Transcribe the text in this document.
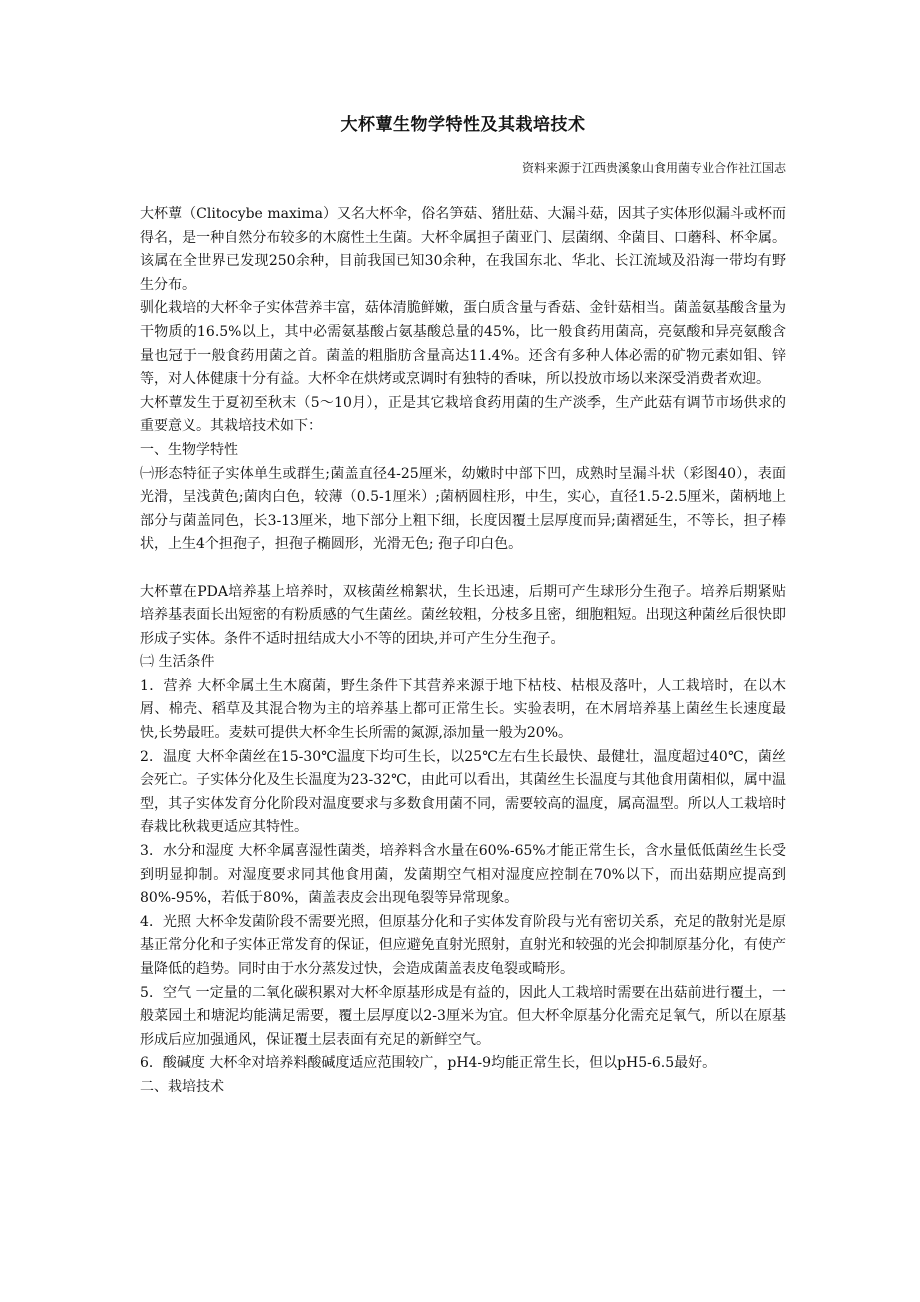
大杯蕈生物学特性及其栽培技术
资料来源于江西贵溪象山食用菌专业合作社江国志

大杯蕈（Clitocybe maxima）又名大杯伞，俗名笋菇、猪肚菇、大漏斗菇，因其子实体形似漏斗或杯而得名，是一种自然分布较多的木腐性土生菌。大杯伞属担子菌亚门、层菌纲、伞菌目、口蘑科、杯伞属。该属在全世界已发现250余种，目前我国已知30余种，在我国东北、华北、长江流域及沿海一带均有野生分布。

驯化栽培的大杯伞子实体营养丰富，菇体清脆鲜嫩，蛋白质含量与香菇、金针菇相当。菌盖氨基酸含量为干物质的16.5%以上，其中必需氨基酸占氨基酸总量的45%，比一般食药用菌高，亮氨酸和异亮氨酸含量也冠于一般食药用菌之首。菌盖的粗脂肪含量高达11.4%。还含有多种人体必需的矿物元素如钼、锌等，对人体健康十分有益。大杯伞在烘烤或烹调时有独特的香味，所以投放市场以来深受消费者欢迎。

大杯蕈发生于夏初至秋末（5～10月），正是其它栽培食药用菌的生产淡季，生产此菇有调节市场供求的重要意义。其栽培技术如下：

一、生物学特性

㈠形态特征子实体单生或群生;菌盖直径4-25厘米，幼嫩时中部下凹，成熟时呈漏斗状（彩图40），表面光滑，呈浅黄色;菌肉白色，较薄（0.5-1厘米）;菌柄圆柱形，中生，实心，直径1.5-2.5厘米，菌柄地上部分与菌盖同色，长3-13厘米，地下部分上粗下细，长度因覆土层厚度而异;菌褶延生，不等长，担子棒状，上生4个担孢子，担孢子椭圆形，光滑无色; 孢子印白色。

大杯蕈在PDA培养基上培养时，双核菌丝棉絮状，生长迅速，后期可产生球形分生孢子。培养后期紧贴培养基表面长出短密的有粉质感的气生菌丝。菌丝较粗，分枝多且密，细胞粗短。出现这种菌丝后很快即形成子实体。条件不适时扭结成大小不等的团块,并可产生分生孢子。

㈡ 生活条件

1．营养 大杯伞属土生木腐菌，野生条件下其营养来源于地下枯枝、枯根及落叶，人工栽培时，在以木屑、棉壳、稻草及其混合物为主的培养基上都可正常生长。实验表明，在木屑培养基上菌丝生长速度最快,长势最旺。麦麸可提供大杯伞生长所需的氮源,添加量一般为20%。

2．温度 大杯伞菌丝在15-30℃温度下均可生长，以25℃左右生长最快、最健壮，温度超过40℃，菌丝会死亡。子实体分化及生长温度为23-32℃，由此可以看出，其菌丝生长温度与其他食用菌相似，属中温型，其子实体发育分化阶段对温度要求与多数食用菌不同，需要较高的温度，属高温型。所以人工栽培时春栽比秋栽更适应其特性。

3．水分和湿度 大杯伞属喜湿性菌类，培养料含水量在60%-65%才能正常生长，含水量低低菌丝生长受到明显抑制。对湿度要求同其他食用菌，发菌期空气相对湿度应控制在70%以下，而出菇期应提高到80%-95%，若低于80%，菌盖表皮会出现龟裂等异常现象。

4．光照 大杯伞发菌阶段不需要光照，但原基分化和子实体发育阶段与光有密切关系，充足的散射光是原基正常分化和子实体正常发育的保证，但应避免直射光照射，直射光和较强的光会抑制原基分化，有使产量降低的趋势。同时由于水分蒸发过快，会造成菌盖表皮龟裂或畸形。

5．空气 一定量的二氧化碳积累对大杯伞原基形成是有益的，因此人工栽培时需要在出菇前进行覆土，一般菜园土和塘泥均能满足需要，覆土层厚度以2-3厘米为宜。但大杯伞原基分化需充足氧气，所以在原基形成后应加强通风，保证覆土层表面有充足的新鲜空气。

6．酸碱度 大杯伞对培养料酸碱度适应范围较广，pH4-9均能正常生长，但以pH5-6.5最好。

二、栽培技术
